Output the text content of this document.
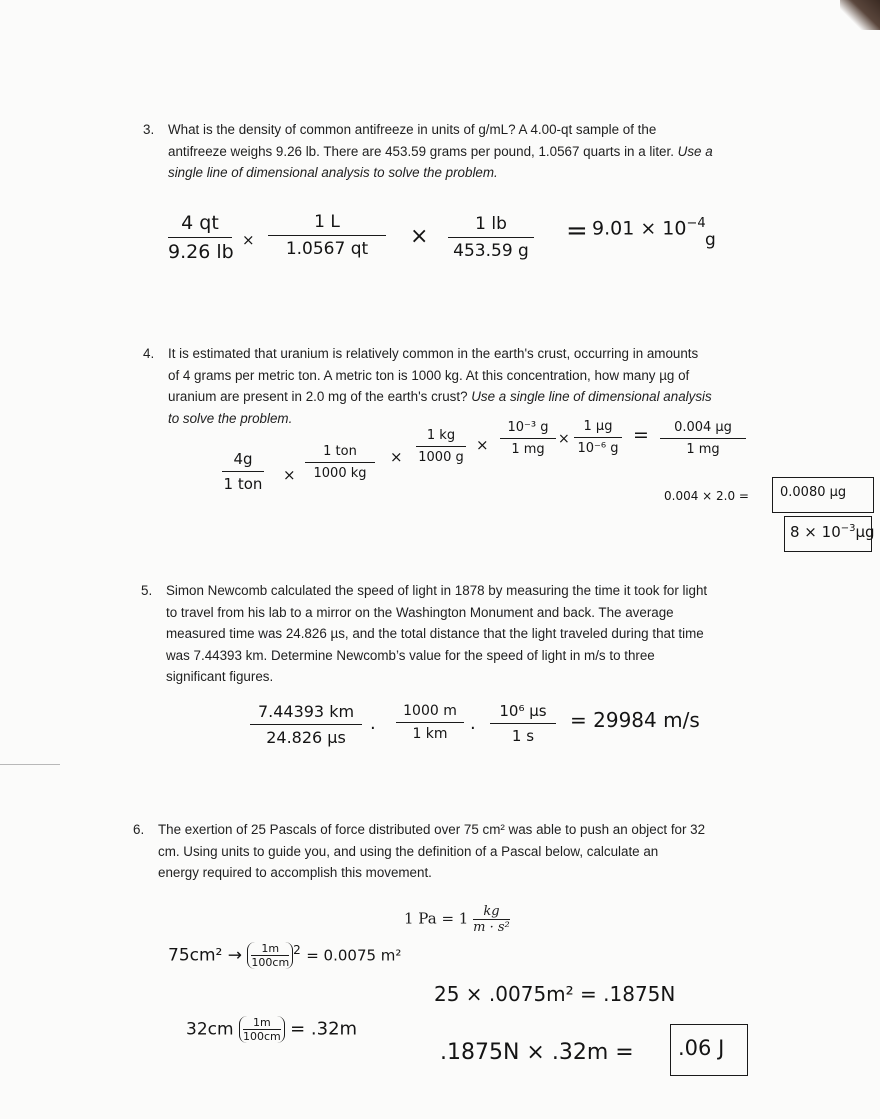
3. What is the density of common antifreeze in units of g/mL? A 4.00-qt sample of the
antifreeze weighs 9.26 lb. There are 453.59 grams per pound, 1.0567 quarts in a liter. Use a
single line of dimensional analysis to solve the problem.
4 qt
9.26 lb
×
1 L
1.0567 qt	×	1 lb
453.59 g
= $9.01 \times 10^{-4}$
g
4. It is estimated that uranium is relatively common in the earth's crust, occurring in amounts
of 4 grams per metric ton. A metric ton is 1000 kg. At this concentration, how many µg of
uranium are present in 2.0 mg of the earth's crust? Use a single line of dimensional analysis
to solve the problem.
4g
1 ton ×
1 ton
1000 kg
×
1 kg
1000 g
×
10⁻³ g
1 mg
×
1 µg
10⁻⁶ g
=	0.004 µg
1 mg
0.004 × 2.0 = 0.0080 µg
$8 \times 10^{-3}\mu g$
5. Simon Newcomb calculated the speed of light in 1878 by measuring the time it took for light
to travel from his lab to a mirror on the Washington Monument and back. The average
measured time was 24.826 µs, and the total distance that the light traveled during that time
was 7.44393 km. Determine Newcomb’s value for the speed of light in m/s to three
significant figures.
7.44393 km
24.826 µs	·
1000 m
1 km	·
10⁶ µs
1 s
= 29984 m/s
6. The exertion of 25 Pascals of force distributed over 75 cm² was able to push an object for 32
cm. Using units to guide you, and using the definition of a Pascal below, calculate an
energy required to accomplish this movement.
1 $Pa = 1 \frac{kg}{\text{m · s²}}$
$75cm^2 \to \frac{1m}{100cm} ^2 = 0.0075$ m²
$32cm \frac{1m}{100cm} = .32m$
25 × .0075m² = .1875N
.1875N × .32m = .06 J
